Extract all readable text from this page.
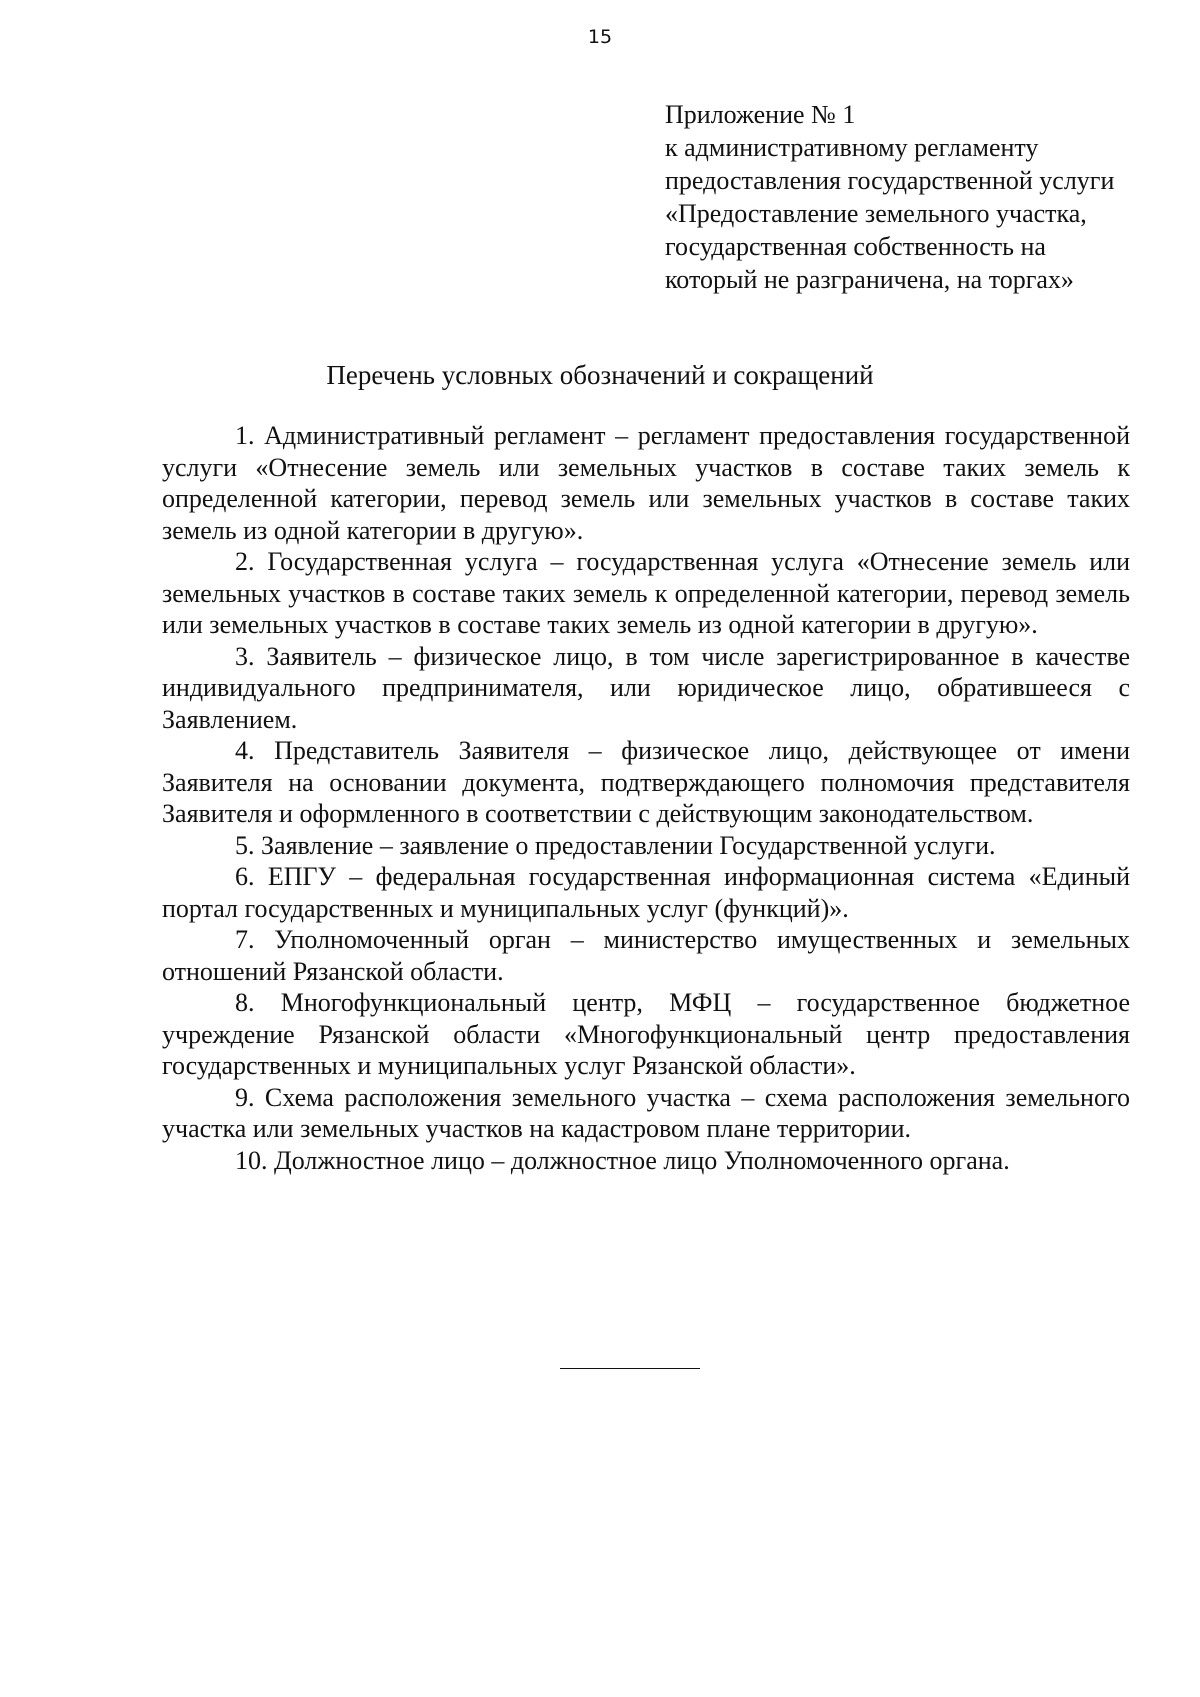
15
Приложение № 1
к административному регламенту
предоставления государственной услуги
«Предоставление земельного участка,
государственная собственность на
который не разграничена, на торгах»
Перечень условных обозначений и сокращений

1. Административный регламент – регламент предоставления государственной услуги «Отнесение земель или земельных участков в составе таких земель к определенной категории, перевод земель или земельных участков в составе таких земель из одной категории в другую».

2. Государственная услуга – государственная услуга «Отнесение земель или земельных участков в составе таких земель к определенной категории, перевод земель или земельных участков в составе таких земель из одной категории в другую».

3. Заявитель – физическое лицо, в том числе зарегистрированное в качестве индивидуального предпринимателя, или юридическое лицо, обратившееся с Заявлением.

4. Представитель Заявителя – физическое лицо, действующее от имени Заявителя на основании документа, подтверждающего полномочия представителя Заявителя и оформленного в соответствии с действующим законодательством.

5. Заявление – заявление о предоставлении Государственной услуги.

6. ЕПГУ – федеральная государственная информационная система «Единый портал государственных и муниципальных услуг (функций)».

7. Уполномоченный орган – министерство имущественных и земельных отношений Рязанской области.

8. Многофункциональный центр, МФЦ – государственное бюджетное учреждение Рязанской области «Многофункциональный центр предоставления государственных и муниципальных услуг Рязанской области».

9. Схема расположения земельного участка – схема расположения земельного участка или земельных участков на кадастровом плане территории.

10. Должностное лицо – должностное лицо Уполномоченного органа.
